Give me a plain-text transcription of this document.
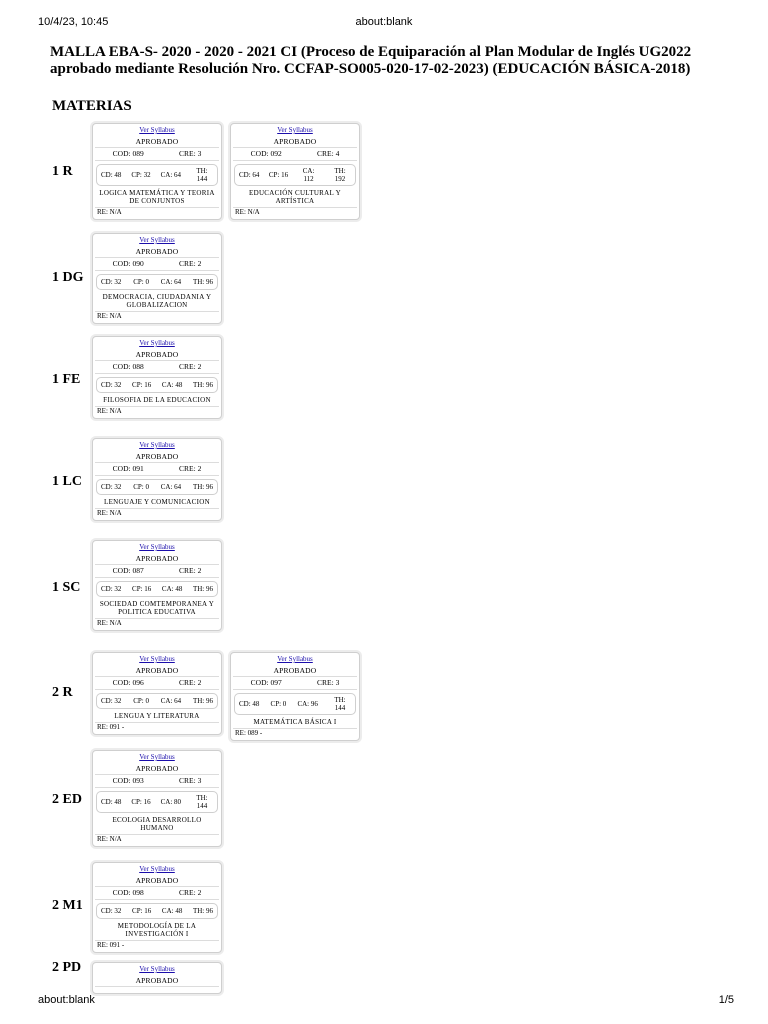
10/4/23, 10:45	about:blank
MALLA EBA-S- 2020 - 2020 - 2021 CI (Proceso de Equiparación al Plan Modular de Inglés UG2022 aprobado mediante Resolución Nro. CCFAP-SO005-020-17-02-2023) (EDUCACIÓN BÁSICA-2018)
MATERIAS
1 R
Ver Syllabus
APROBADO
COD: 089	CRE: 3
CD: 48 CP: 32 CA: 64	TH: 144
LOGICA MATEMÁTICA Y TEORIA DE CONJUNTOS
RE: N/A
Ver Syllabus
APROBADO
COD: 092	CRE: 4
CD: 64 CP: 16	CA: 112
TH: 192
EDUCACIÓN CULTURAL Y ARTÍSTICA
RE: N/A
1 DG
Ver Syllabus
APROBADO
COD: 090	CRE: 2
CD: 32 CP: 0 CA: 64 TH: 96
DEMOCRACIA, CIUDADANIA Y GLOBALIZACION
RE: N/A
1 FE
Ver Syllabus
APROBADO
COD: 088	CRE: 2
CD: 32 CP: 16 CA: 48 TH: 96
FILOSOFIA DE LA EDUCACION
RE: N/A
1 LC
Ver Syllabus
APROBADO
COD: 091	CRE: 2
CD: 32 CP: 0 CA: 64 TH: 96
LENGUAJE Y COMUNICACION
RE: N/A
1 SC
Ver Syllabus
APROBADO
COD: 087	CRE: 2
CD: 32 CP: 16 CA: 48 TH: 96
SOCIEDAD COMTEMPORANEA Y POLITICA EDUCATIVA
RE: N/A
2 R
Ver Syllabus
APROBADO
COD: 096	CRE: 2
CD: 32 CP: 0 CA: 64 TH: 96
LENGUA Y LITERATURA
RE: 091 -
Ver Syllabus
APROBADO
COD: 097	CRE: 3
CD: 48 CP: 0 CA: 96	TH: 144
MATEMÁTICA BÁSICA I
RE: 089 -
2 ED
Ver Syllabus
APROBADO
COD: 093	CRE: 3
CD: 48 CP: 16 CA: 80	TH: 144
ECOLOGIA DESARROLLO HUMANO
RE: N/A
2 M1
Ver Syllabus
APROBADO
COD: 098	CRE: 2
CD: 32 CP: 16 CA: 48 TH: 96
METODOLOGÍA DE LA INVESTIGACIÓN I
RE: 091 -
2 PD	Ver Syllabus
APROBADO
about:blank	1/5
